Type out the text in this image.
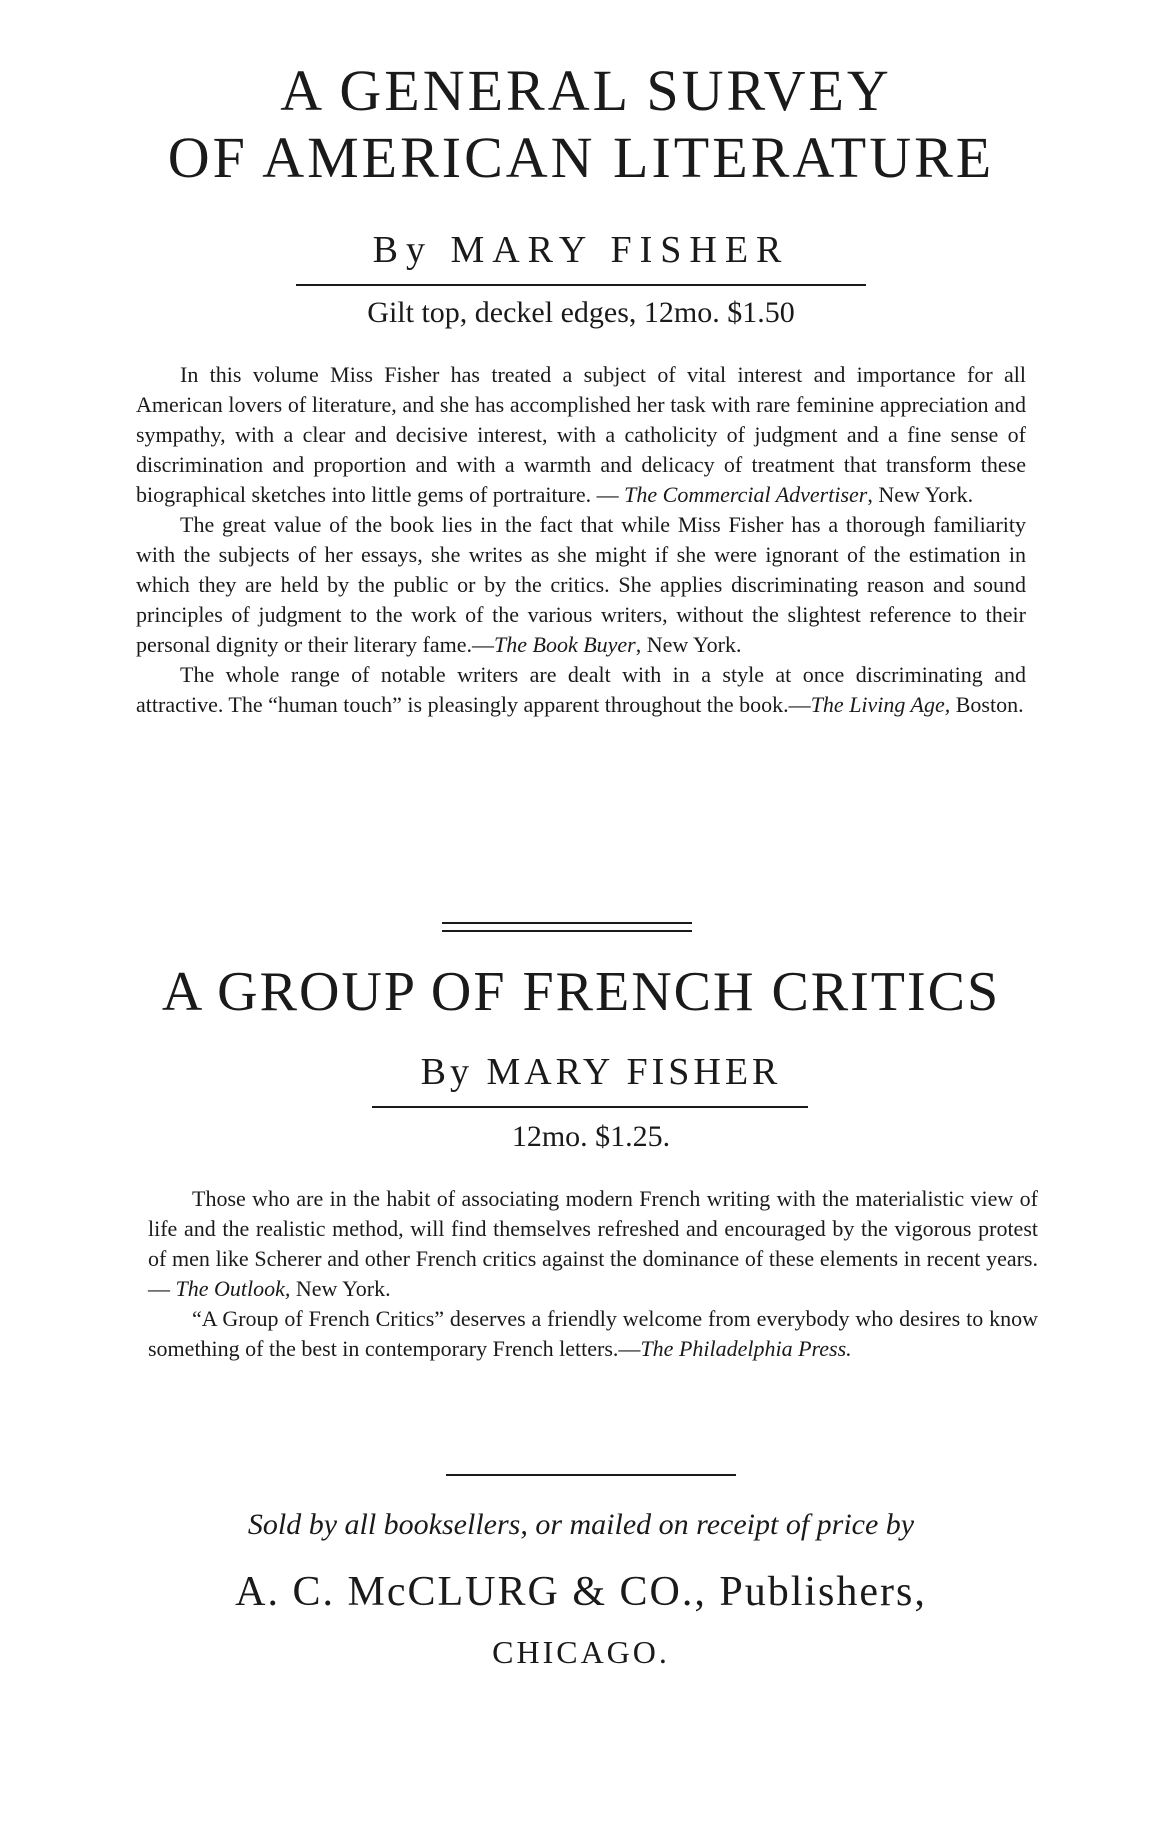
A GENERAL SURVEY

OF AMERICAN LITERATURE

By MARY FISHER

Gilt top, deckel edges, 12mo. $1.50

In this volume Miss Fisher has treated a subject of vital interest and importance for all American lovers of literature, and she has accomplished her task with rare feminine appreciation and sympathy, with a clear and decisive interest, with a catholicity of judgment and a fine sense of discrimination and proportion and with a warmth and delicacy of treatment that transform these biographical sketches into little gems of portraiture. — The Commercial Advertiser, New York.

The great value of the book lies in the fact that while Miss Fisher has a thorough familiarity with the subjects of her essays, she writes as she might if she were ignorant of the estimation in which they are held by the public or by the critics. She applies discriminating reason and sound principles of judgment to the work of the various writers, without the slightest reference to their personal dignity or their literary fame.—The Book Buyer, New York.

The whole range of notable writers are dealt with in a style at once discriminating and attractive. The “human touch” is pleasingly apparent throughout the book.—The Living Age, Boston.

A GROUP OF FRENCH CRITICS

By MARY FISHER

12mo. $1.25.

Those who are in the habit of associating modern French writing with the materialistic view of life and the realistic method, will find themselves refreshed and encouraged by the vigorous protest of men like Scherer and other French critics against the dominance of these elements in recent years. — The Outlook, New York.

“A Group of French Critics” deserves a friendly welcome from everybody who desires to know something of the best in contemporary French letters.—The Philadelphia Press.

Sold by all booksellers, or mailed on receipt of price by

A. C. McCLURG & CO., Publishers,

CHICAGO.
